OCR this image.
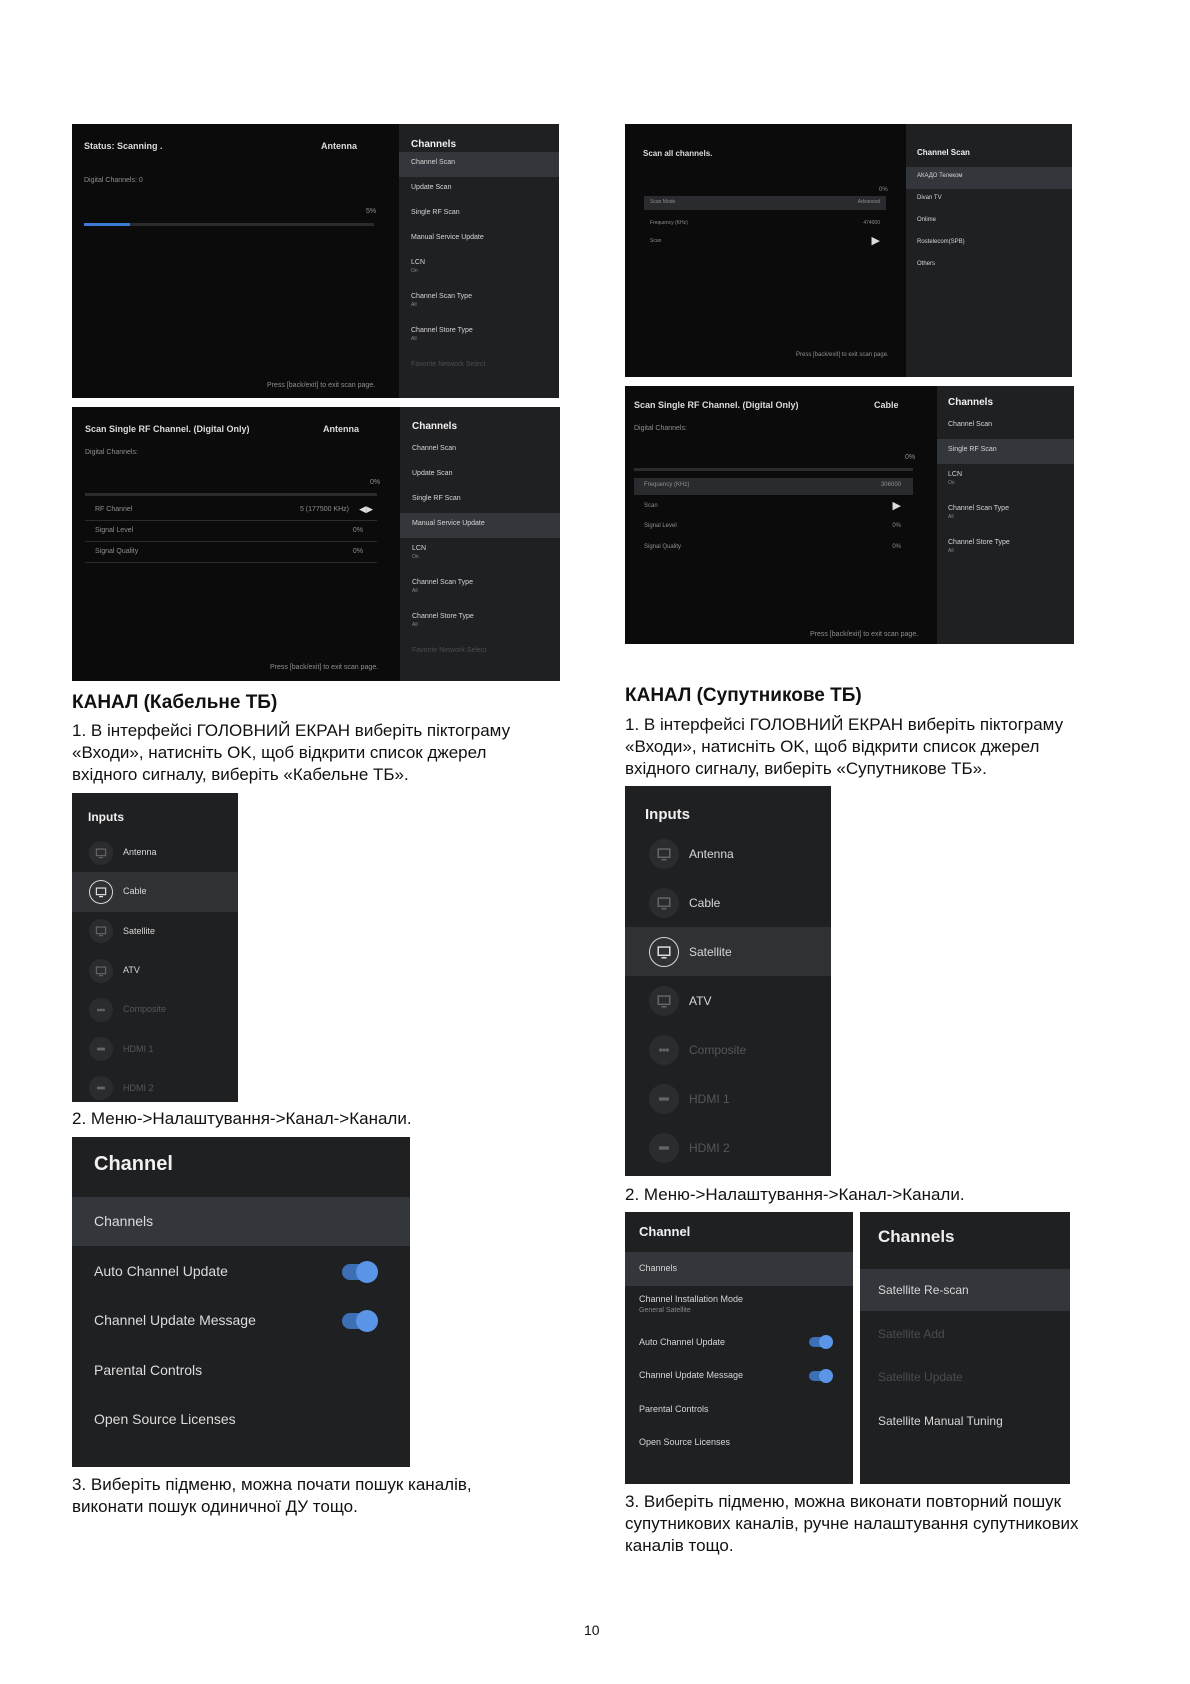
Status: Scanning .	Antenna
Digital Channels: 0
5%
Press [back/exit] to exit scan page.
Channels
Channel Scan
Update Scan
Single RF Scan
Manual Service Update
LCN
On
Channel Scan Type
All
Channel Store Type
All
Favorite Network Select
Scan Single RF Channel. (Digital Only)	Antenna
Digital Channels:
0%
RF Channel	5 (177500 KHz) ◀▶
Signal Level	0%
Signal Quality	0%
Press [back/exit] to exit scan page.
Channels
Channel Scan
Update Scan
Single RF Scan
Manual Service Update
LCN
On
Channel Scan Type
All
Channel Store Type
All
Favorite Network Select
Scan all channels.
0%
Scan Mode	Advanced
Frequency (KHz)	474000
Scan	▶
Press [back/exit] to exit scan page.
Channel Scan
АКАДО Телеком
Divan TV
Onlime
Rostelecom(SPB)
Others
Scan Single RF Channel. (Digital Only)	Cable
Digital Channels:
0%
Frequency (KHz)	306000
Scan	▶
Signal Level	0%
Signal Quality	0%
Press [back/exit] to exit scan page.
Channels
Channel Scan
Single RF Scan
LCN
On
Channel Scan Type
All
Channel Store Type
All
КАНАЛ (Кабельне ТБ)
1. В інтерфейсі ГОЛОВНИЙ ЕКРАН виберіть піктограму «Входи», натисніть OK, щоб відкрити список джерел вхідного сигналу, виберіть «Кабельне ТБ».
Inputs
Antenna
Cable
Satellite
ATV
Composite
HDMI 1
HDMI 2
2. Меню->Налаштування->Канал->Канали.
Channel
Channels
Auto Channel Update
Channel Update Message
Parental Controls
Open Source Licenses
3. Виберіть підменю, можна почати пошук каналів, виконати пошук одиничної ДУ тощо.
КАНАЛ (Супутникове ТБ)
1. В інтерфейсі ГОЛОВНИЙ ЕКРАН виберіть піктограму «Входи», натисніть OK, щоб відкрити список джерел вхідного сигналу, виберіть «Супутникове ТБ».
Inputs
Antenna
Cable
Satellite
ATV
Composite
HDMI 1
HDMI 2
2. Меню->Налаштування->Канал->Канали.
Channel
Channels
Channel Installation Mode
General Satellite
Auto Channel Update
Channel Update Message
Parental Controls
Open Source Licenses
Channels
Satellite Re-scan
Satellite Add
Satellite Update
Satellite Manual Tuning
3. Виберіть підменю, можна виконати повторний пошук супутникових каналів, ручне налаштування супутникових каналів тощо.
10
